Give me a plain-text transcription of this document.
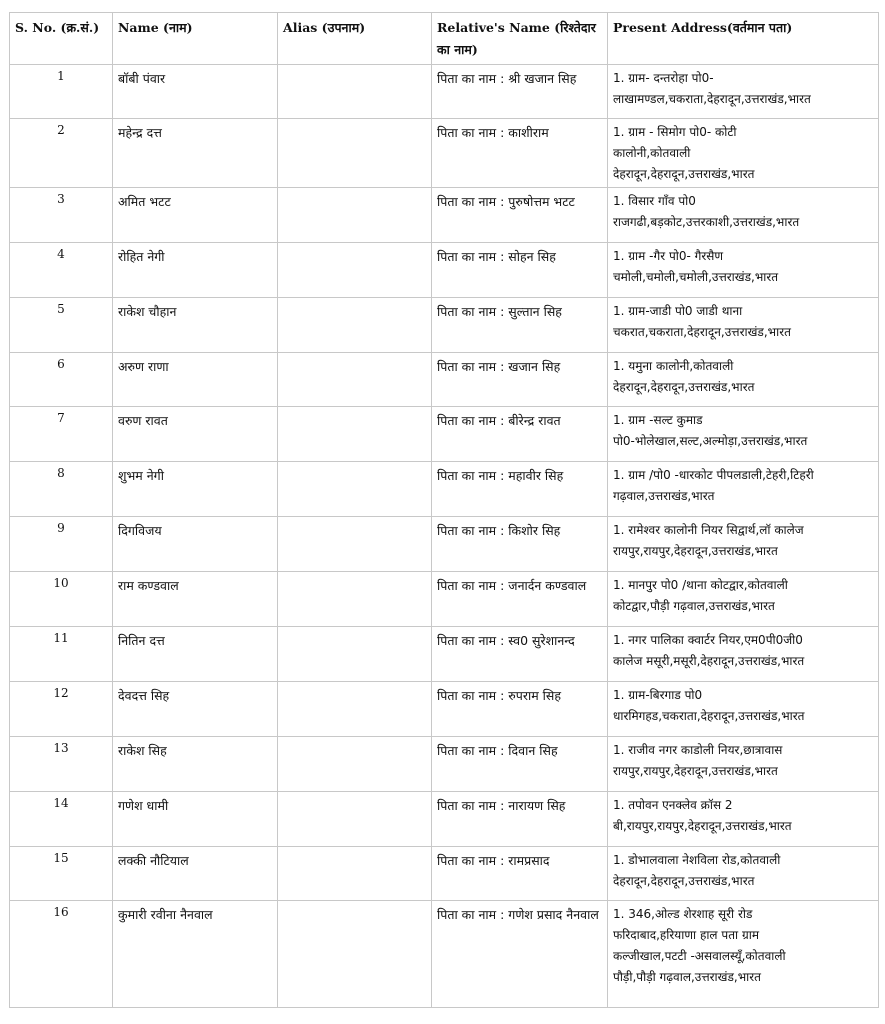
S. No. (क्र.सं.)	Name (नाम)	Alias (उपनाम)	Relative's Name (रिश्तेदार का नाम)	Present Address(वर्तमान पता)
1	बॉबी पंवार		पिता का नाम : श्री खजान सिह	1. ग्राम- दन्तरोहा पो0-
लाखामण्डल,चकराता,देहरादून,उत्तराखंड,भारत

2	महेन्द्र दत्त		पिता का नाम : काशीराम	1. ग्राम - सिमोग पो0- कोटी
कालोनी,कोतवाली
देहरादून,देहरादून,उत्तराखंड,भारत

3	अमित भटट		पिता का नाम : पुरुषोत्तम भटट	1. विसार गाँव पो0
राजगढी,बड़कोट,उत्तरकाशी,उत्तराखंड,भारत

4	रोहित नेगी		पिता का नाम : सोहन सिह	1. ग्राम -गैर पो0- गैरसैण
चमोली,चमोली,चमोली,उत्तराखंड,भारत

5	राकेश चौहान		पिता का नाम : सुल्तान सिह	1. ग्राम-जाडी पो0 जाडी थाना
चकरात,चकराता,देहरादून,उत्तराखंड,भारत

6	अरुण राणा		पिता का नाम : खजान सिह	1. यमुना कालोनी,कोतवाली
देहरादून,देहरादून,उत्तराखंड,भारत

7	वरुण रावत		पिता का नाम : बीरेन्द्र रावत	1. ग्राम -सल्ट कुमाड
पो0-भोलेखाल,सल्ट,अल्मोड़ा,उत्तराखंड,भारत

8	शुभम नेगी		पिता का नाम : महावीर सिह	1. ग्राम /पो0 -धारकोट पीपलडाली,टेहरी,टिहरी
गढ़वाल,उत्तराखंड,भारत

9	दिगविजय		पिता का नाम : किशोर सिह	1. रामेश्वर कालोनी नियर सिद्वार्थ,लॉ कालेज
रायपुर,रायपुर,देहरादून,उत्तराखंड,भारत

10	राम कण्डवाल		पिता का नाम : जनार्दन कण्डवाल	1. मानपुर पो0 /थाना कोटद्वार,कोतवाली
कोटद्वार,पौड़ी गढ़वाल,उत्तराखंड,भारत

11	नितिन दत्त		पिता का नाम : स्व0 सुरेशानन्द	1. नगर पालिका क्वार्टर नियर,एम0पी0जी0
कालेज मसूरी,मसूरी,देहरादून,उत्तराखंड,भारत

12	देवदत्त सिह		पिता का नाम : रुपराम सिह	1. ग्राम-बिरगाड पो0
धारमिगहड,चकराता,देहरादून,उत्तराखंड,भारत

13	राकेश सिह		पिता का नाम : दिवान सिह	1. राजीव नगर काडोली नियर,छात्रावास
रायपुर,रायपुर,देहरादून,उत्तराखंड,भारत

14	गणेश धामी		पिता का नाम : नारायण सिह	1. तपोवन एनक्लेव क्रॉस 2
बी,रायपुर,रायपुर,देहरादून,उत्तराखंड,भारत

15	लक्की नौटियाल		पिता का नाम : रामप्रसाद	1. डोभालवाला नेशविला रोड,कोतवाली
देहरादून,देहरादून,उत्तराखंड,भारत

16	कुमारी रवीना नैनवाल		पिता का नाम : गणेश प्रसाद नैनवाल	1. 346,ओल्ड शेरशाह सूरी रोड
फरिदाबाद,हरियाणा हाल पता ग्राम
कल्जीखाल,पटटी -असवालस्यूँ,कोतवाली
पौड़ी,पौड़ी गढ़वाल,उत्तराखंड,भारत
